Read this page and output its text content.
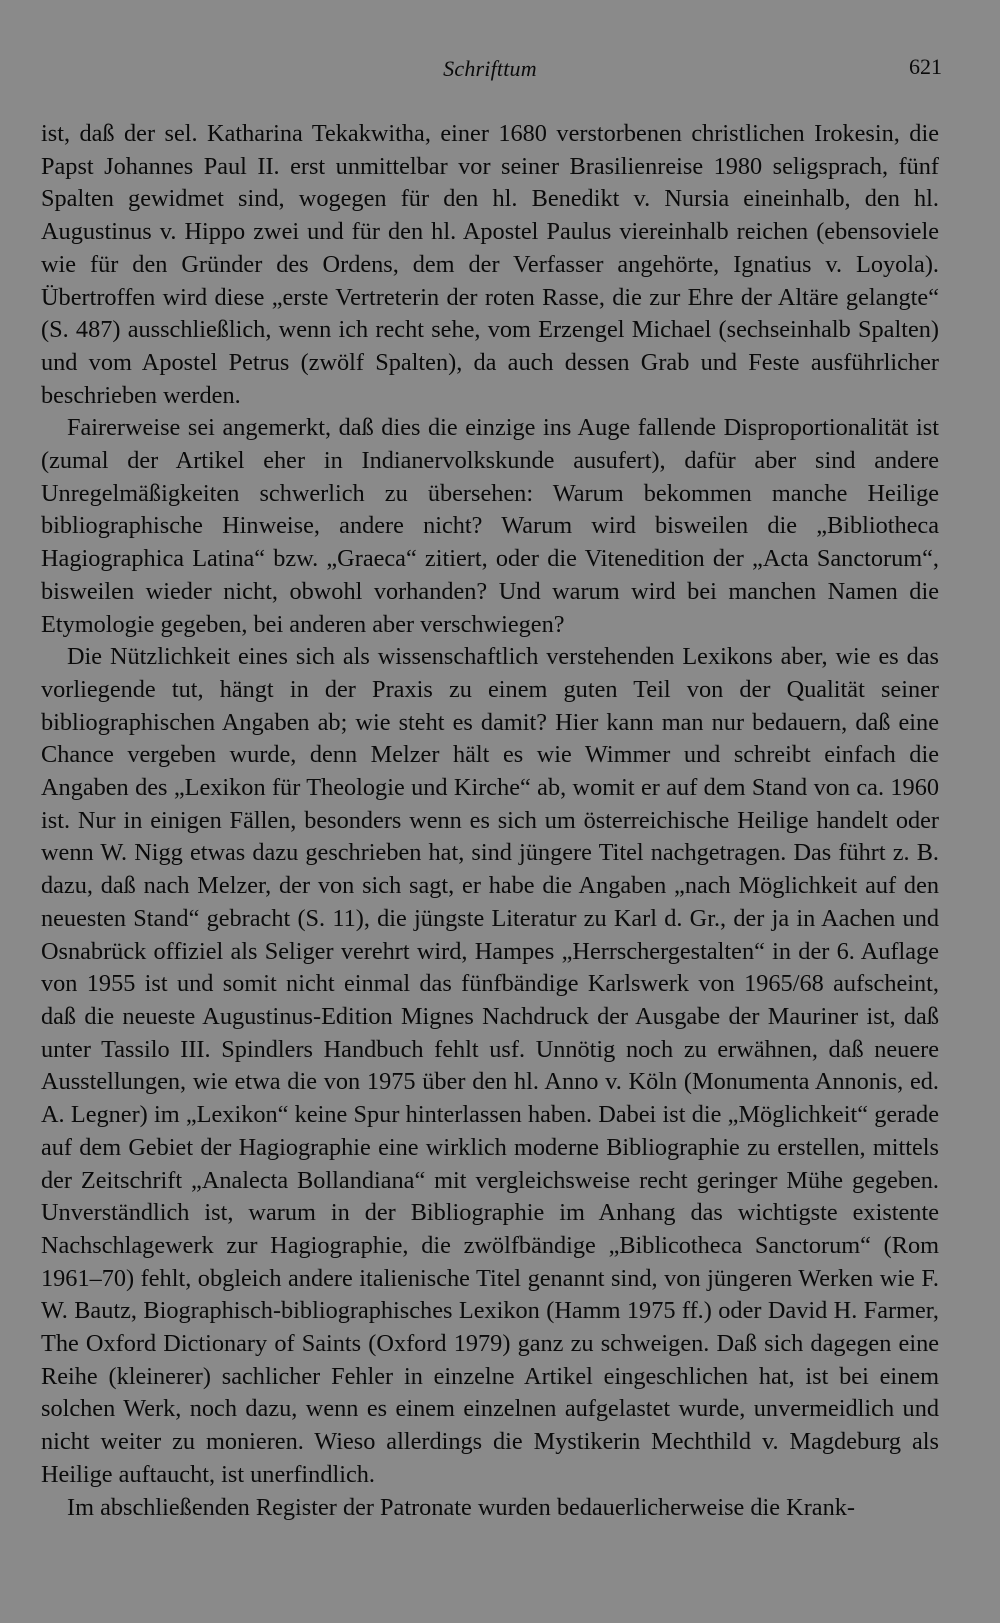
Schrifttum	621

ist, daß der sel. Katharina Tekakwitha, einer 1680 verstorbenen christlichen Irokesin, die Papst Johannes Paul II. erst unmittelbar vor seiner Brasilienreise 1980 seligsprach, fünf Spalten gewidmet sind, wogegen für den hl. Benedikt v. Nursia eineinhalb, den hl. Augustinus v. Hippo zwei und für den hl. Apostel Paulus viereinhalb reichen (ebensoviele wie für den Gründer des Ordens, dem der Verfasser angehörte, Ignatius v. Loyola). Übertroffen wird diese „erste Vertreterin der roten Rasse, die zur Ehre der Altäre gelangte“ (S. 487) ausschließlich, wenn ich recht sehe, vom Erzengel Michael (sechseinhalb Spalten) und vom Apostel Petrus (zwölf Spalten), da auch dessen Grab und Feste ausführlicher beschrieben werden.

Fairerweise sei angemerkt, daß dies die einzige ins Auge fallende Disproportionalität ist (zumal der Artikel eher in Indianervolkskunde ausufert), dafür aber sind andere Unregelmäßigkeiten schwerlich zu übersehen: Warum bekommen manche Heilige bibliographische Hinweise, andere nicht? Warum wird bisweilen die „Bibliotheca Hagiographica Latina“ bzw. „Graeca“ zitiert, oder die Vitenedition der „Acta Sanctorum“, bisweilen wieder nicht, obwohl vorhanden? Und warum wird bei manchen Namen die Etymologie gegeben, bei anderen aber verschwiegen?

Die Nützlichkeit eines sich als wissenschaftlich verstehenden Lexikons aber, wie es das vorliegende tut, hängt in der Praxis zu einem guten Teil von der Qualität seiner bibliographischen Angaben ab; wie steht es damit? Hier kann man nur bedauern, daß eine Chance vergeben wurde, denn Melzer hält es wie Wimmer und schreibt einfach die Angaben des „Lexikon für Theologie und Kirche“ ab, womit er auf dem Stand von ca. 1960 ist. Nur in einigen Fällen, besonders wenn es sich um österreichische Heilige handelt oder wenn W. Nigg etwas dazu geschrieben hat, sind jüngere Titel nachgetragen. Das führt z. B. dazu, daß nach Melzer, der von sich sagt, er habe die Angaben „nach Möglichkeit auf den neuesten Stand“ gebracht (S. 11), die jüngste Literatur zu Karl d. Gr., der ja in Aachen und Osnabrück offiziel als Seliger verehrt wird, Hampes „Herrschergestalten“ in der 6. Auflage von 1955 ist und somit nicht einmal das fünfbändige Karlswerk von 1965/68 aufscheint, daß die neueste Augustinus-Edition Mignes Nachdruck der Ausgabe der Mauriner ist, daß unter Tassilo III. Spindlers Handbuch fehlt usf. Unnötig noch zu erwähnen, daß neuere Ausstellungen, wie etwa die von 1975 über den hl. Anno v. Köln (Monumenta Annonis, ed. A. Legner) im „Lexikon“ keine Spur hinterlassen haben. Dabei ist die „Möglichkeit“ gerade auf dem Gebiet der Hagiographie eine wirklich moderne Bibliographie zu erstellen, mittels der Zeitschrift „Analecta Bollandiana“ mit vergleichsweise recht geringer Mühe gegeben. Unverständlich ist, warum in der Bibliographie im Anhang das wichtigste existente Nachschlagewerk zur Hagiographie, die zwölfbändige „Biblicotheca Sanctorum“ (Rom 1961–70) fehlt, obgleich andere italienische Titel genannt sind, von jüngeren Werken wie F. W. Bautz, Biographisch-bibliographisches Lexikon (Hamm 1975 ff.) oder David H. Farmer, The Oxford Dictionary of Saints (Oxford 1979) ganz zu schweigen. Daß sich dagegen eine Reihe (kleinerer) sachlicher Fehler in einzelne Artikel eingeschlichen hat, ist bei einem solchen Werk, noch dazu, wenn es einem einzelnen aufgelastet wurde, unvermeidlich und nicht weiter zu monieren. Wieso allerdings die Mystikerin Mechthild v. Magdeburg als Heilige auftaucht, ist unerfindlich.

Im abschließenden Register der Patronate wurden bedauerlicherweise die Krank-
